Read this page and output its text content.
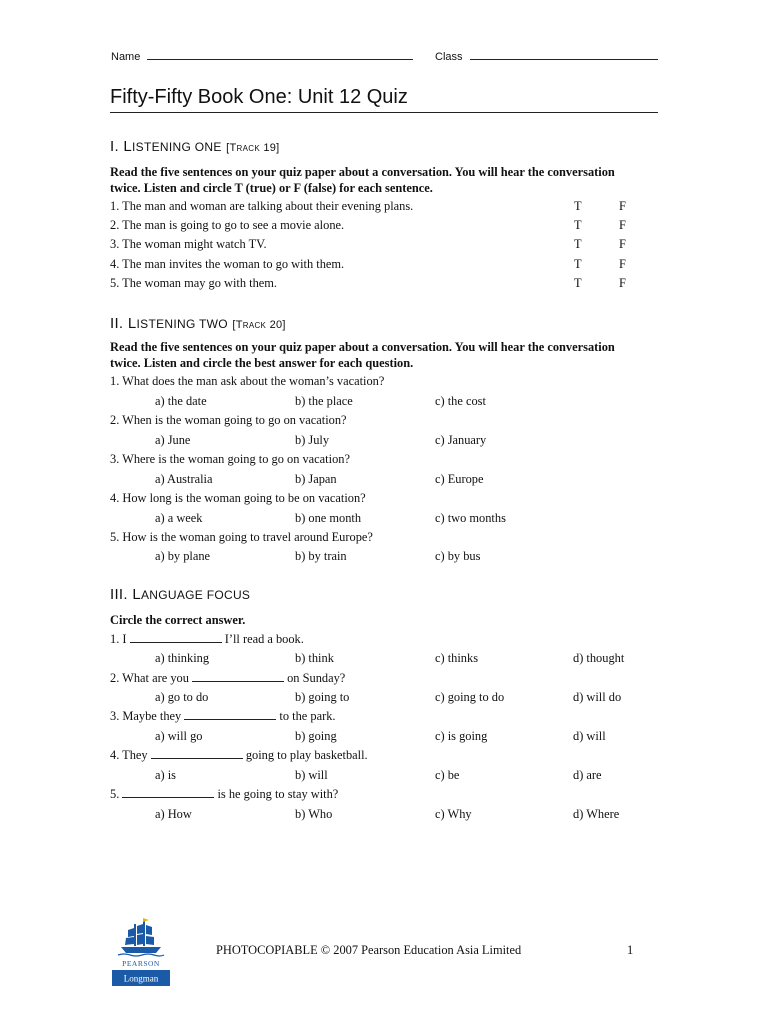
Name	Class
Fifty-Fifty Book One: Unit 12 Quiz
I. LISTENING ONE [TRACK 19]
Read the five sentences on your quiz paper about a conversation. You will hear the conversation twice. Listen and circle T (true) or F (false) for each sentence.
1. The man and woman are talking about their evening plans.	T	F
2. The man is going to go to see a movie alone.	T	F
3. The woman might watch TV.	T	F
4. The man invites the woman to go with them.	T	F
5. The woman may go with them.	T	F
II. LISTENING TWO [TRACK 20]
Read the five sentences on your quiz paper about a conversation. You will hear the conversation twice. Listen and circle the best answer for each question.
1. What does the man ask about the woman’s vacation?
a) the date	b) the place	c) the cost
2. When is the woman going to go on vacation?
a) June	b) July	c) January
3. Where is the woman going to go on vacation?
a) Australia	b) Japan	c) Europe
4. How long is the woman going to be on vacation?
a) a week	b) one month	c) two months
5. How is the woman going to travel around Europe?
a) by plane	b) by train	c) by bus
III. LANGUAGE FOCUS
Circle the correct answer.
1. I	I’ll read a book.
a) thinking	b) think	c) thinks	d) thought
2. What are you	on Sunday?
a) go to do	b) going to	c) going to do	d) will do
3. Maybe they	to the park.
a) will go	b) going	c) is going	d) will
4. They	going to play basketball.
a) is	b) will	c) be	d) are
5.	is he going to stay with?
a) How	b) Who	c) Why	d) Where
PEARSON
Longman
PHOTOCOPIABLE © 2007 Pearson Education Asia Limited	1
